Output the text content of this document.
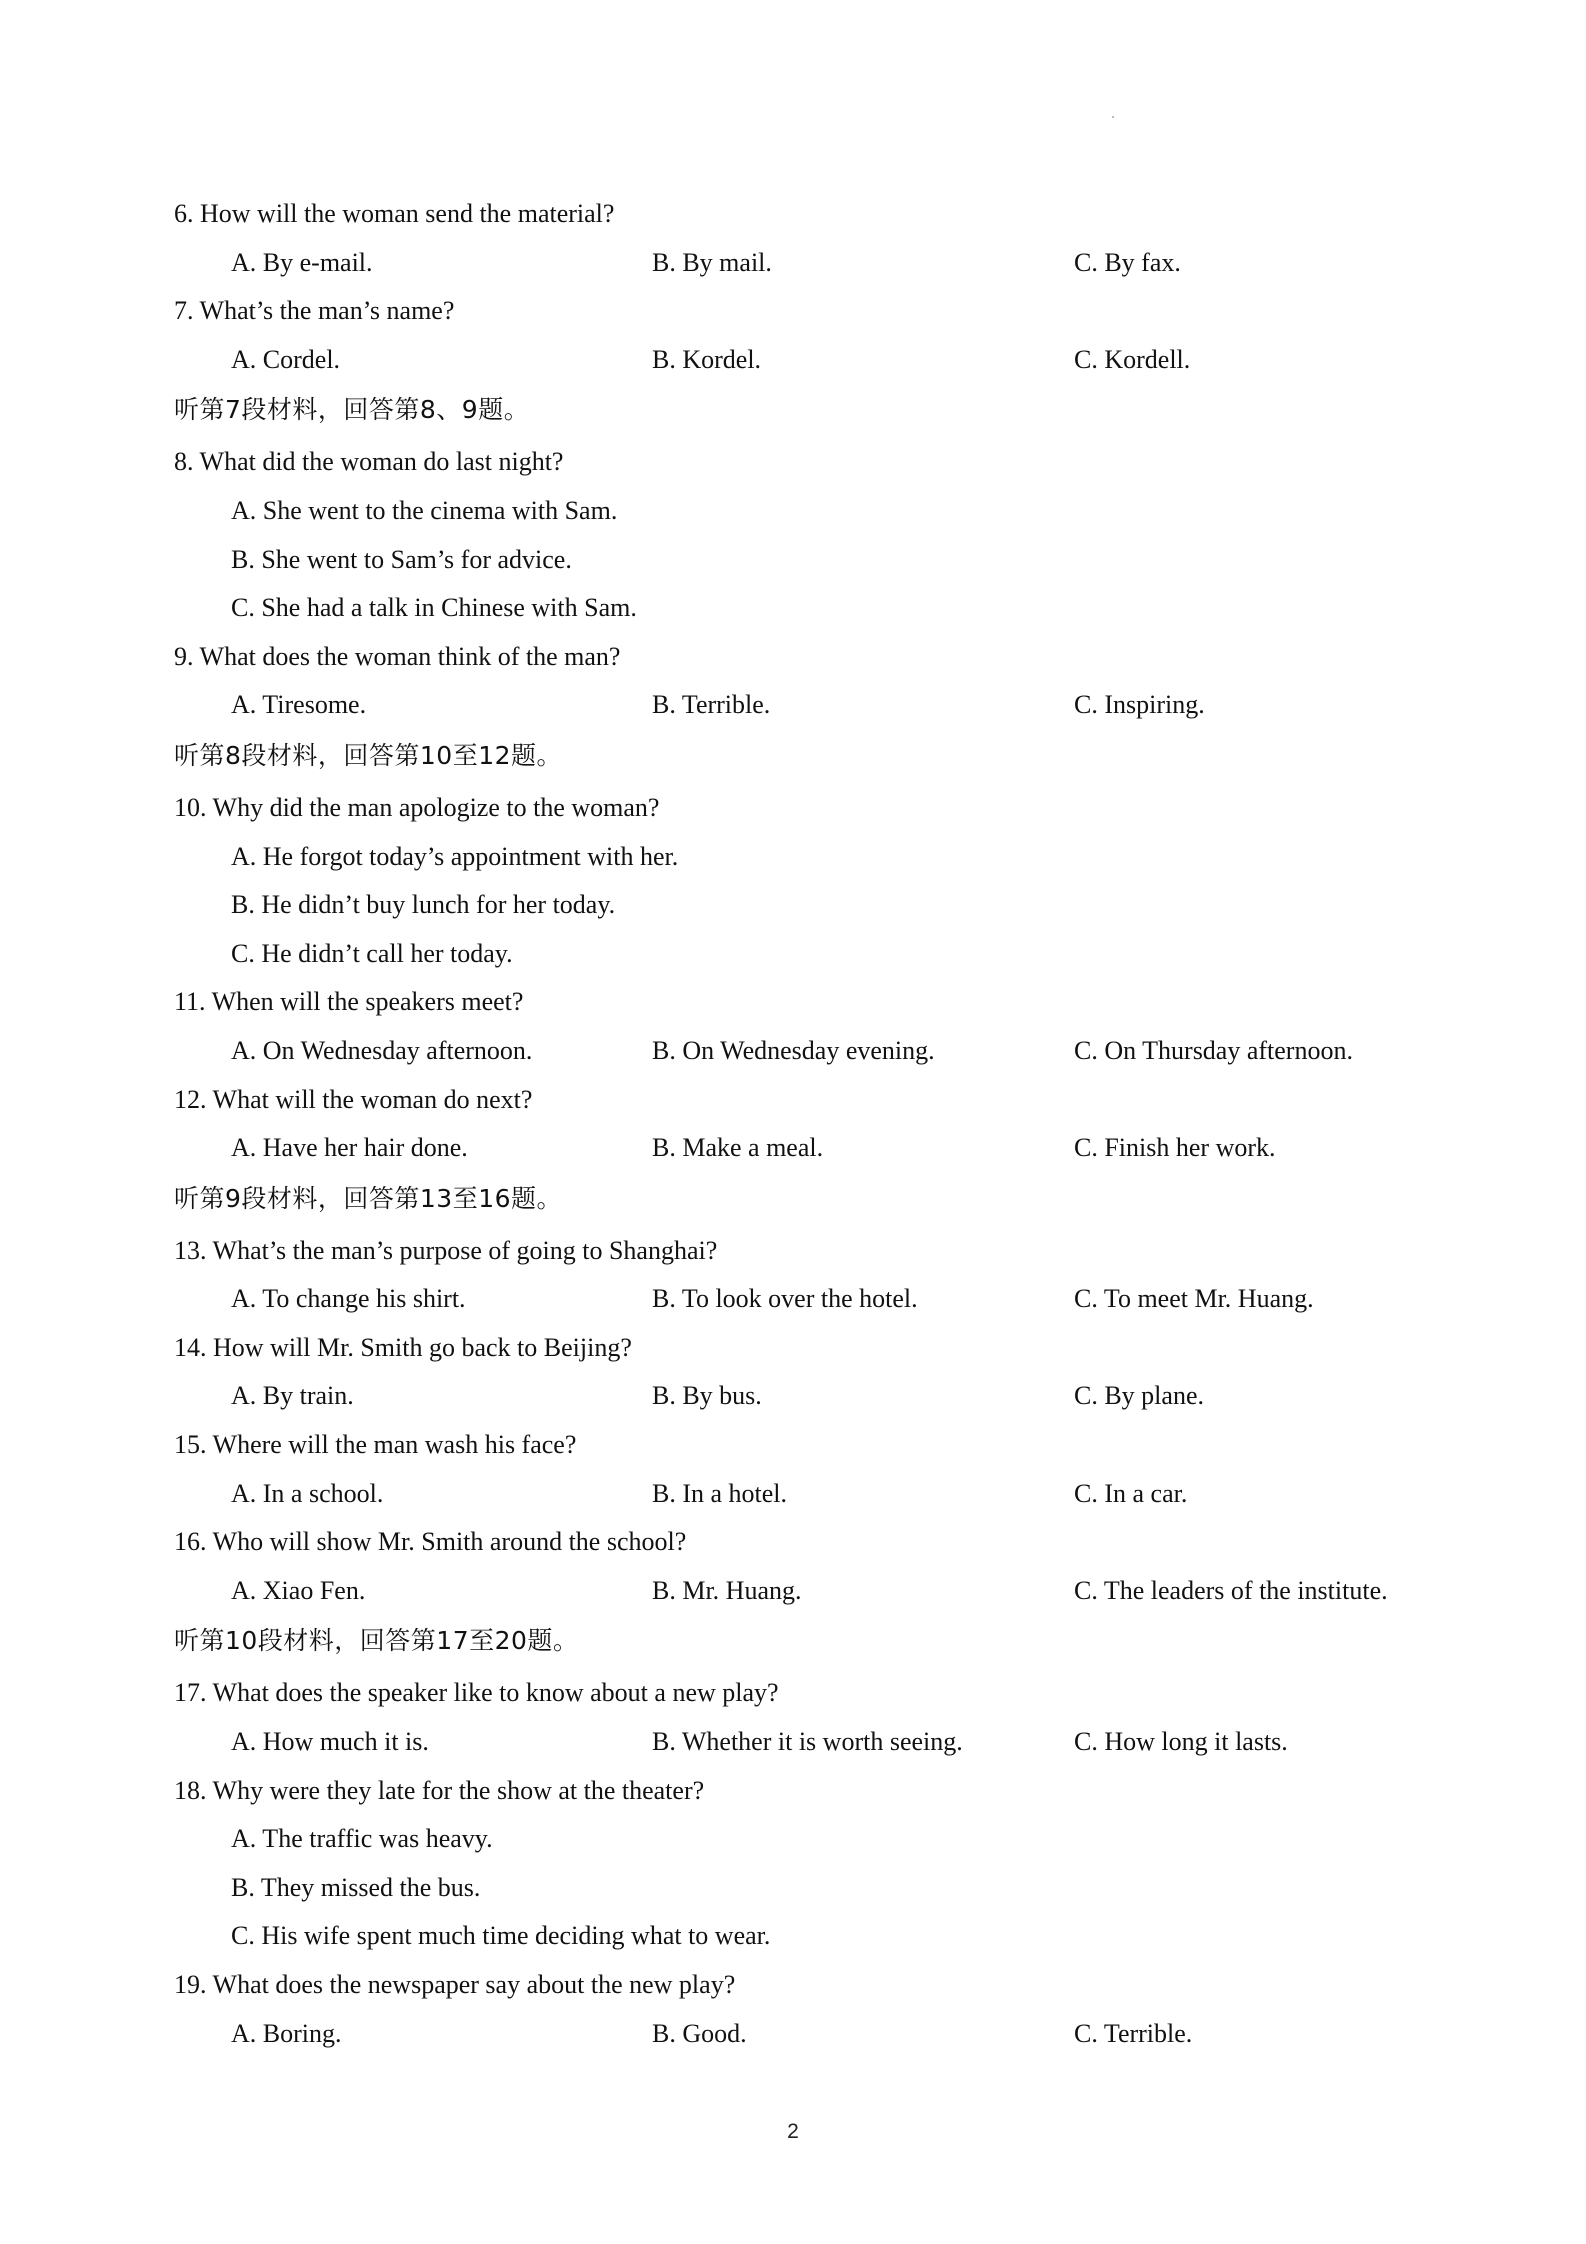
6. How will the woman send the material?
A. By e-mail.	B. By mail.	C. By fax.
7. What’s the man’s name?
A. Cordel.	B. Kordel.	C. Kordell.
听第7段材料，回答第8、9题。
8. What did the woman do last night?
A. She went to the cinema with Sam.
B. She went to Sam’s for advice.
C. She had a talk in Chinese with Sam.
9. What does the woman think of the man?
A. Tiresome.	B. Terrible.	C. Inspiring.
听第8段材料，回答第10至12题。
10. Why did the man apologize to the woman?
A. He forgot today’s appointment with her.
B. He didn’t buy lunch for her today.
C. He didn’t call her today.
11. When will the speakers meet?
A. On Wednesday afternoon.	B. On Wednesday evening.	C. On Thursday afternoon.
12. What will the woman do next?
A. Have her hair done.	B. Make a meal.	C. Finish her work.
听第9段材料，回答第13至16题。
13. What’s the man’s purpose of going to Shanghai?
A. To change his shirt.	B. To look over the hotel.	C. To meet Mr. Huang.
14. How will Mr. Smith go back to Beijing?
A. By train.	B. By bus.	C. By plane.
15. Where will the man wash his face?
A. In a school.	B. In a hotel.	C. In a car.
16. Who will show Mr. Smith around the school?
A. Xiao Fen.	B. Mr. Huang.	C. The leaders of the institute.
听第10段材料，回答第17至20题。
17. What does the speaker like to know about a new play?
A. How much it is.	B. Whether it is worth seeing.	C. How long it lasts.
18. Why were they late for the show at the theater?
A. The traffic was heavy.
B. They missed the bus.
C. His wife spent much time deciding what to wear.
19. What does the newspaper say about the new play?
A. Boring.	B. Good.	C. Terrible.
2
